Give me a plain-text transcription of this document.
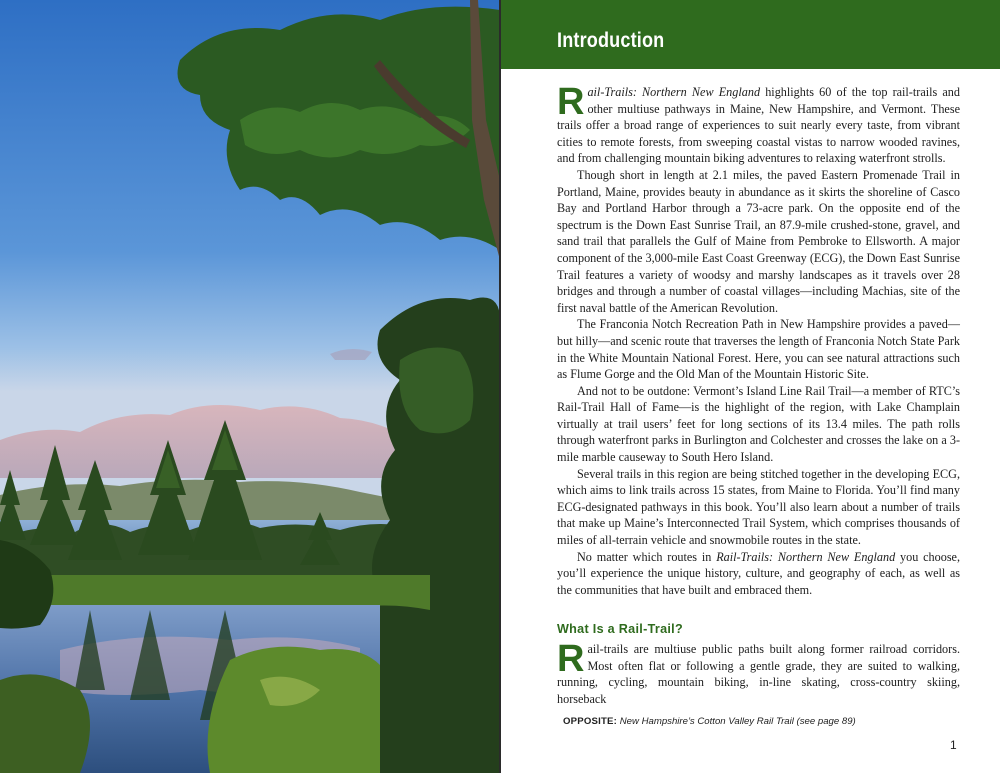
Introduction

Rail-Trails: Northern New England highlights 60 of the top rail-trails and other multiuse pathways in Maine, New Hampshire, and Vermont. These trails offer a broad range of experiences to suit nearly every taste, from vibrant cities to remote forests, from sweeping coastal vistas to narrow wooded ravines, and from challenging mountain biking adventures to relaxing waterfront strolls.

Though short in length at 2.1 miles, the paved Eastern Promenade Trail in Portland, Maine, provides beauty in abundance as it skirts the shoreline of Casco Bay and Portland Harbor through a 73-acre park. On the opposite end of the spectrum is the Down East Sunrise Trail, an 87.9-mile crushed-stone, gravel, and sand trail that parallels the Gulf of Maine from Pembroke to Ellsworth. A major component of the 3,000-mile East Coast Greenway (ECG), the Down East Sunrise Trail features a variety of woodsy and marshy landscapes as it travels over 28 bridges and through a number of coastal villages—including Machias, site of the first naval battle of the American Revolution.

The Franconia Notch Recreation Path in New Hampshire provides a paved—but hilly—and scenic route that traverses the length of Franconia Notch State Park in the White Mountain National Forest. Here, you can see natural attractions such as Flume Gorge and the Old Man of the Mountain Historic Site.

And not to be outdone: Vermont’s Island Line Rail Trail—a member of RTC’s Rail-Trail Hall of Fame—is the highlight of the region, with Lake Champlain virtually at trail users’ feet for long sections of its 13.4 miles. The path rolls through waterfront parks in Burlington and Colchester and crosses the lake on a 3-mile marble causeway to South Hero Island.

Several trails in this region are being stitched together in the developing ECG, which aims to link trails across 15 states, from Maine to Florida. You’ll find many ECG-designated pathways in this book. You’ll also learn about a number of trails that make up Maine’s Interconnected Trail System, which comprises thousands of miles of all-terrain vehicle and snowmobile routes in the state.

No matter which routes in Rail-Trails: Northern New England you choose, you’ll experience the unique history, culture, and geography of each, as well as the communities that have built and embraced them.

What Is a Rail-Trail?

Rail-trails are multiuse public paths built along former railroad corridors. Most often flat or following a gentle grade, they are suited to walking, running, cycling, mountain biking, in-line skating, cross-country skiing, horseback

OPPOSITE: New Hampshire’s Cotton Valley Rail Trail (see page 89)
1
